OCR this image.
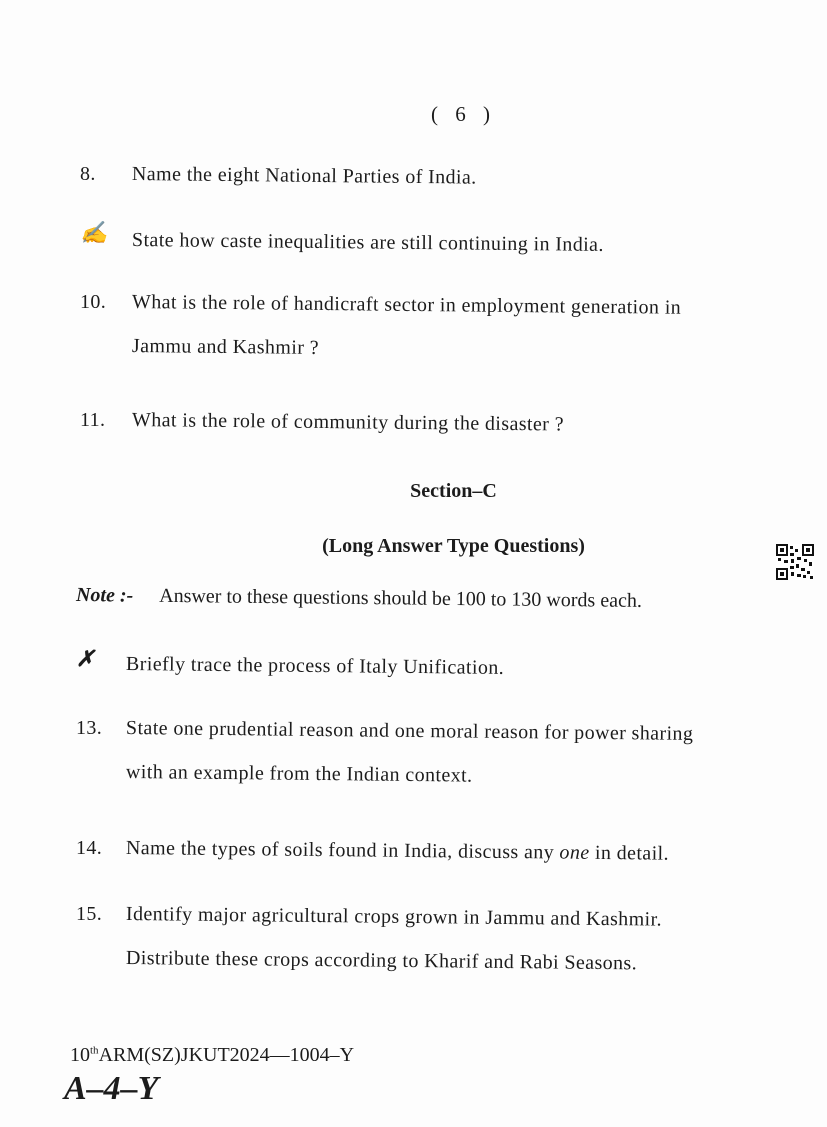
( 6 )
8. Name the eight National Parties of India.
✍ State how caste inequalities are still continuing in India.
10. What is the role of handicraft sector in employment generation in
Jammu and Kashmir ?
11. What is the role of community during the disaster ?
Section–C
(Long Answer Type Questions)
Note :- Answer to these questions should be 100 to 130 words each.
✗ Briefly trace the process of Italy Unification.
13. State one prudential reason and one moral reason for power sharing
with an example from the Indian context.
14. Name the types of soils found in India, discuss any one in detail.
15. Identify major agricultural crops grown in Jammu and Kashmir.
Distribute these crops according to Kharif and Rabi Seasons.
10thARM(SZ)JKUT2024—1004–Y
A–4–Y
